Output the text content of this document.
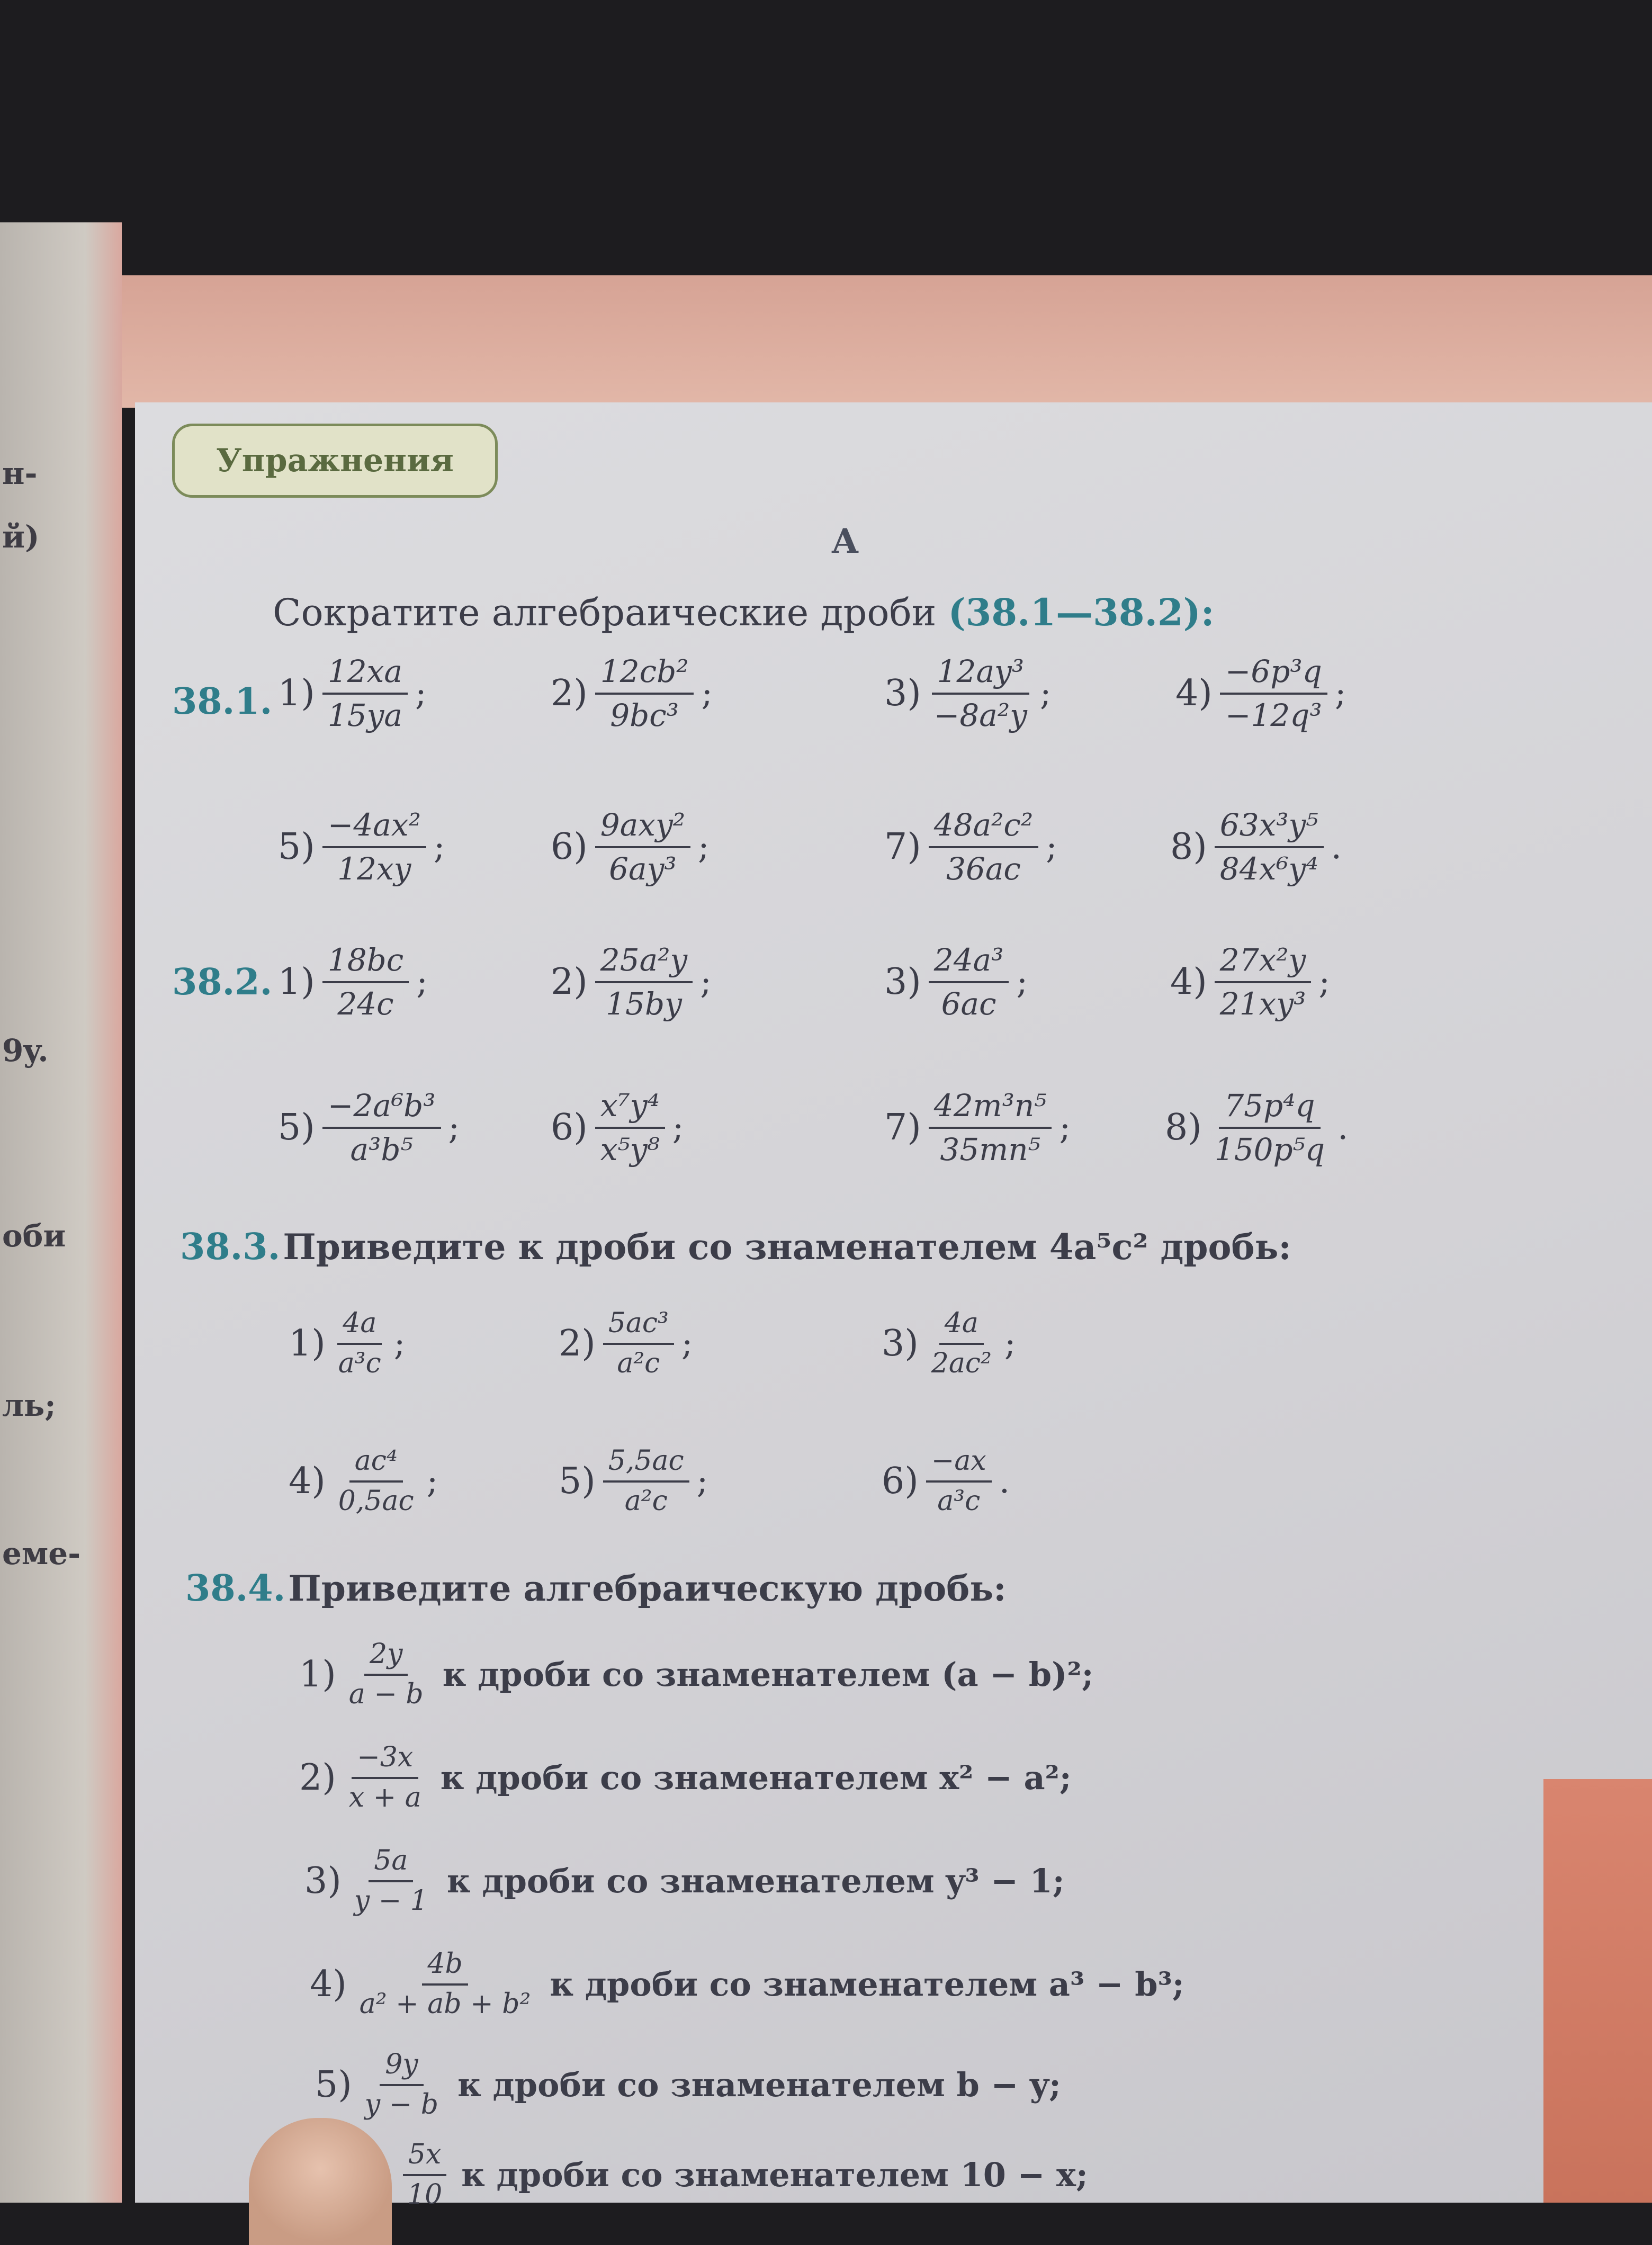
н-
й)
9y.
оби
ль;
еме-
Упражнения
А
Сократите алгебраические дроби (38.1—38.2):
38.1. $1) \frac{12xa}{15ya}$ ;	$2) \frac{\text{12cb²}}{\text{9bc³}}$ ;	$3) \frac{\text{12ay³}}{\text{−8a²y}}$ ;	$4) \frac{\text{−6p³q}}{\text{−12q³}}$ ;
$5) \frac{\text{−4ax²}}{12xy}$ ;	$6) \frac{\text{9axy²}}{\text{6ay³}}$ ;	$7) \frac{\text{48a²c²}}{36ac}$ ;	$8) \frac{\text{63x³y⁵}}{\text{84x⁶y⁴}}$ .
38.2. $1) \frac{18bc}{24c}$ ;	$2) \frac{\text{25a²y}}{15by}$ ;	$3) \frac{\text{24a³}}{6ac}$ ;	$4) \frac{\text{27x²y}}{\text{21xy³}}$ ;
$5) \frac{\text{−2a⁶b³}}{\text{a³b⁵}}$ ;	$6) \frac{\text{x⁷y⁴}}{\text{x⁵y⁸}}$ ;	$7) \frac{\text{42m³n⁵}}{\text{35mn⁵}}$ ;	$8) \frac{\text{75p⁴q}}{\text{150p⁵q}}$ .
38.3. Приведите к дроби со знаменателем 4a⁵c² дробь:
$1) \frac{4a}{\text{a³c}}$ ;	$2) \frac{\text{5ac³}}{\text{a²c}}$ ;	$3) \frac{4a}{\text{2ac²}}$ ;
$4) \frac{\text{ac⁴}}{0,5ac}$ ;	$5) \frac{5,5ac}{\text{a²c}}$ ;	$6) \frac{-ax}{\text{a³c}}$ .
38.4. Приведите алгебраическую дробь:
$1) \frac{2y}{a - b}$ к дроби со знаменателем (a − b)²;
$2) \frac{-3x}{x + a}$ к дроби со знаменателем x² − a²;
$3) \frac{5a}{y - 1}$ к дроби со знаменателем y³ − 1;
$4) \frac{4b}{\text{a² + ab + b²}}$ к дроби со знаменателем a³ − b³;
$5) \frac{9y}{y - b}$ к дроби со знаменателем b − y;
$\frac{5x}{10}$ к дроби со знаменателем 10 − x;
